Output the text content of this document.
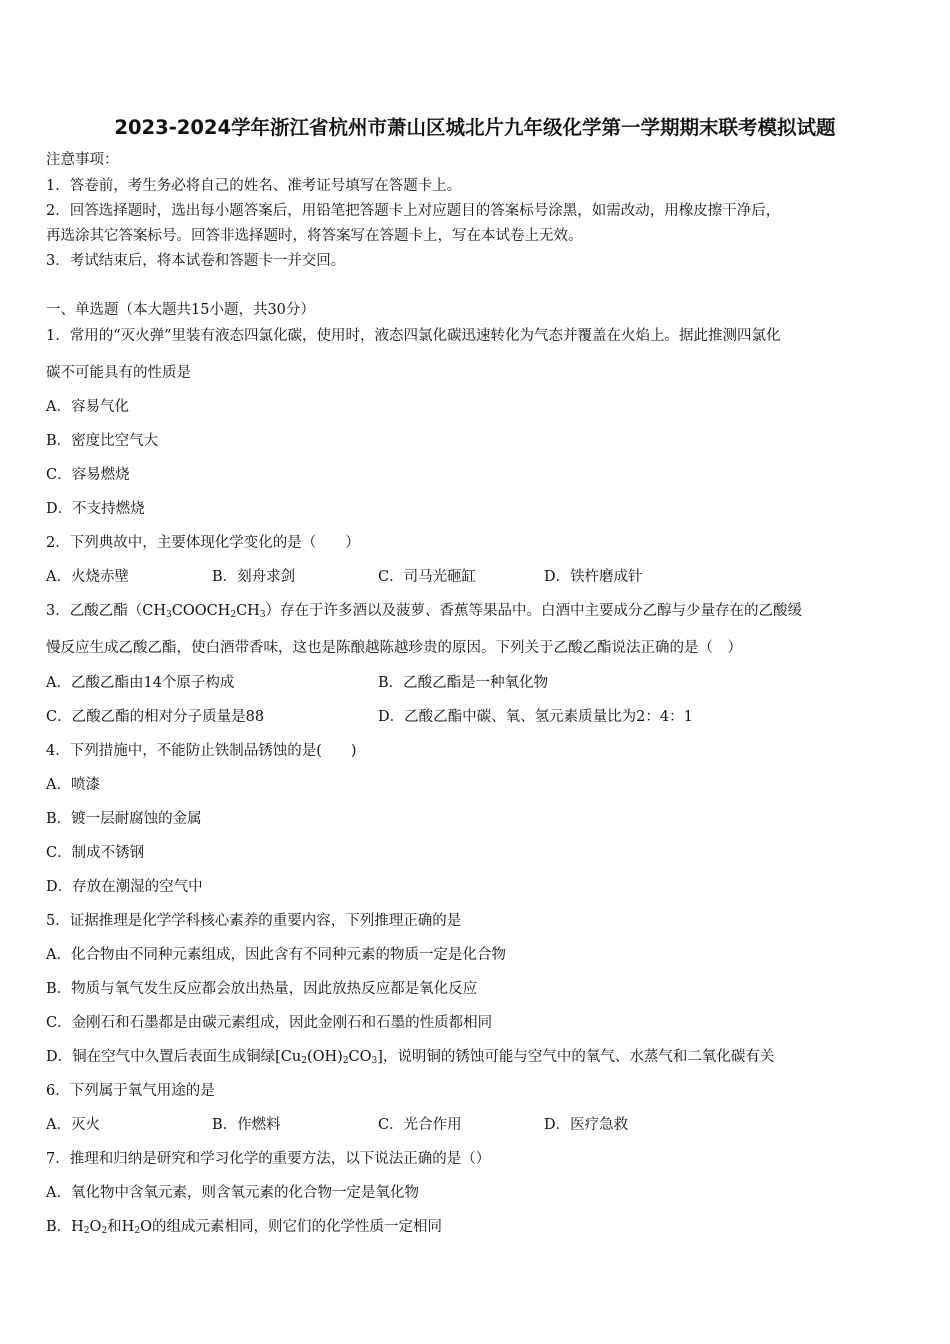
2023-2024学年浙江省杭州市萧山区城北片九年级化学第一学期期末联考模拟试题
注意事项：
1．答卷前，考生务必将自己的姓名、准考证号填写在答题卡上。
2．回答选择题时，选出每小题答案后，用铅笔把答题卡上对应题目的答案标号涂黑，如需改动，用橡皮擦干净后，
再选涂其它答案标号。回答非选择题时，将答案写在答题卡上，写在本试卷上无效。
3．考试结束后，将本试卷和答题卡一并交回。
一、单选题（本大题共15小题，共30分）
1．常用的“灭火弹”里装有液态四氯化碳，使用时，液态四氯化碳迅速转化为气态并覆盖在火焰上。据此推测四氯化
碳不可能具有的性质是
A．容易气化
B．密度比空气大
C．容易燃烧
D．不支持燃烧
2．下列典故中，主要体现化学变化的是（　　）
A．火烧赤壁	B．刻舟求剑	C．司马光砸缸	D．铁杵磨成针
3．乙酸乙酯$(CH_3COOCH_2CH_3)$存在于许多酒以及菠萝、香蕉等果品中。白酒中主要成分乙醇与少量存在的乙酸缓
慢反应生成乙酸乙酯，使白酒带香味，这也是陈酿越陈越珍贵的原因。下列关于乙酸乙酯说法正确的是（　）
A．乙酸乙酯由14个原子构成	B．乙酸乙酯是一种氧化物
C．乙酸乙酯的相对分子质量是88	D．乙酸乙酯中碳、氧、氢元素质量比为2：4：1
4．下列措施中，不能防止铁制品锈蚀的是(　　)
A．喷漆
B．镀一层耐腐蚀的金属
C．制成不锈钢
D．存放在潮湿的空气中
5．证据推理是化学学科核心素养的重要内容，下列推理正确的是
A．化合物由不同种元素组成，因此含有不同种元素的物质一定是化合物
B．物质与氧气发生反应都会放出热量，因此放热反应都是氧化反应
C．金刚石和石墨都是由碳元素组成，因此金刚石和石墨的性质都相同
D．铜在空气中久置后表面生成铜绿$[Cu_2(OH)_2CO_3]$，说明铜的锈蚀可能与空气中的氧气、水蒸气和二氧化碳有关
6．下列属于氧气用途的是
A．灭火	B．作燃料	C．光合作用	D．医疗急救
7．推理和归纳是研究和学习化学的重要方法，以下说法正确的是（）
A．氧化物中含氧元素，则含氧元素的化合物一定是氧化物
B．$H_2O_2$和$H_2O$的组成元素相同，则它们的化学性质一定相同
